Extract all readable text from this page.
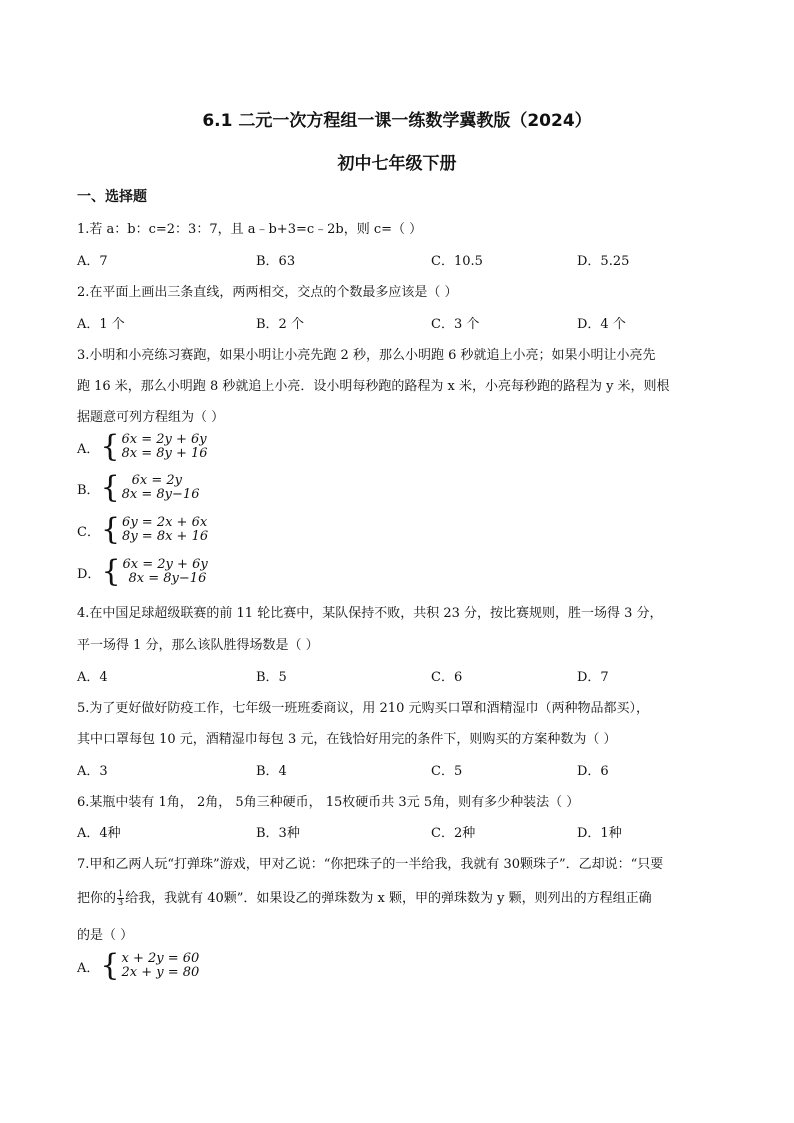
6.1 二元一次方程组一课一练数学冀教版（2024）
初中七年级下册
一、选择题
1.若 a：b：c=2：3：7，且 a﹣b+3=c﹣2b，则 c=（ ）
A．7	B．63	C．10.5	D．5.25
2.在平面上画出三条直线，两两相交，交点的个数最多应该是（ ）
A．1 个	B．2 个	C．3 个	D．4 个
3.小明和小亮练习赛跑，如果小明让小亮先跑 2 秒，那么小明跑 6 秒就追上小亮；如果小明让小亮先
跑 16 米，那么小明跑 8 秒就追上小亮．设小明每秒跑的路程为 x 米，小亮每秒跑的路程为 y 米，则根
据题意可列方程组为（ ）
A． { 6x = 2y + 6y
8x = 8y + 16
B． { 6x = 2y
8x = 8y−16
C． { 6y = 2x + 6x
8y = 8x + 16
D． { 6x = 2y + 6y
8x = 8y−16
4.在中国足球超级联赛的前 11 轮比赛中，某队保持不败，共积 23 分，按比赛规则，胜一场得 3 分，
平一场得 1 分，那么该队胜得场数是（ ）
A．4	B．5	C．6	D．7
5.为了更好做好防疫工作，七年级一班班委商议，用 210 元购买口罩和酒精湿巾（两种物品都买），
其中口罩每包 10 元，酒精湿巾每包 3 元，在钱恰好用完的条件下，则购买的方案种数为（ ）
A．3	B．4	C．5	D．6
6.某瓶中装有 1角， 2角， 5角三种硬币， 15枚硬币共 3元 5角，则有多少种装法（ ）
A．4种	B．3种	C．2种	D．1种
7.甲和乙两人玩“打弹珠”游戏，甲对乙说：“你把珠子的一半给我，我就有 30颗珠子”．乙却说：“只要
把你的 $\frac{1}{3}$ 给我，我就有 40颗”．如果设乙的弹珠数为 x 颗，甲的弹珠数为 y 颗，则列出的方程组正确
的是（ ）
A． { x + 2y = 60
2x + y = 80
